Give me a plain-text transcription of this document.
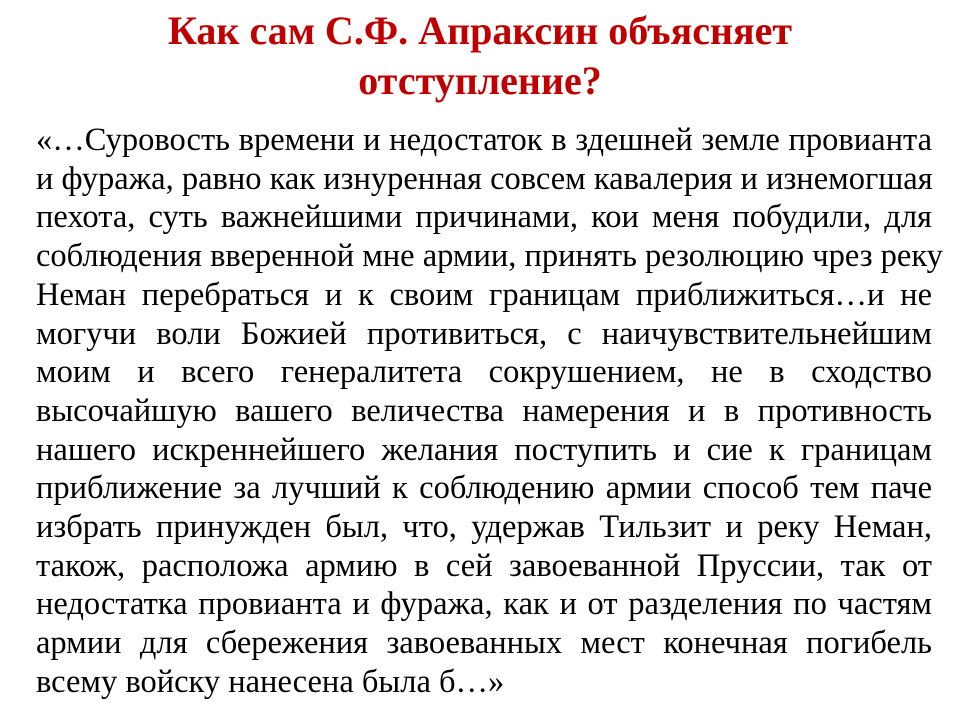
Как сам С.Ф. Апраксин объясняет
отступление?
«…Суровость времени и недостаток в здешней земле провианта
и фуража, равно как изнуренная совсем кавалерия и изнемогшая
пехота, суть важнейшими причинами, кои меня побудили, для
соблюдения вверенной мне армии, принять резолюцию чрез реку
Неман перебраться и к своим границам приближиться…и не
могучи воли Божией противиться, с наичувствительнейшим
моим и всего генералитета сокрушением, не в сходство
высочайшую вашего величества намерения и в противность
нашего искреннейшего желания поступить и сие к границам
приближение за лучший к соблюдению армии способ тем паче
избрать принужден был, что, удержав Тильзит и реку Неман,
також, расположа армию в сей завоеванной Пруссии, так от
недостатка провианта и фуража, как и от разделения по частям
армии для сбережения завоеванных мест конечная погибель
всему войску нанесена была б…»
